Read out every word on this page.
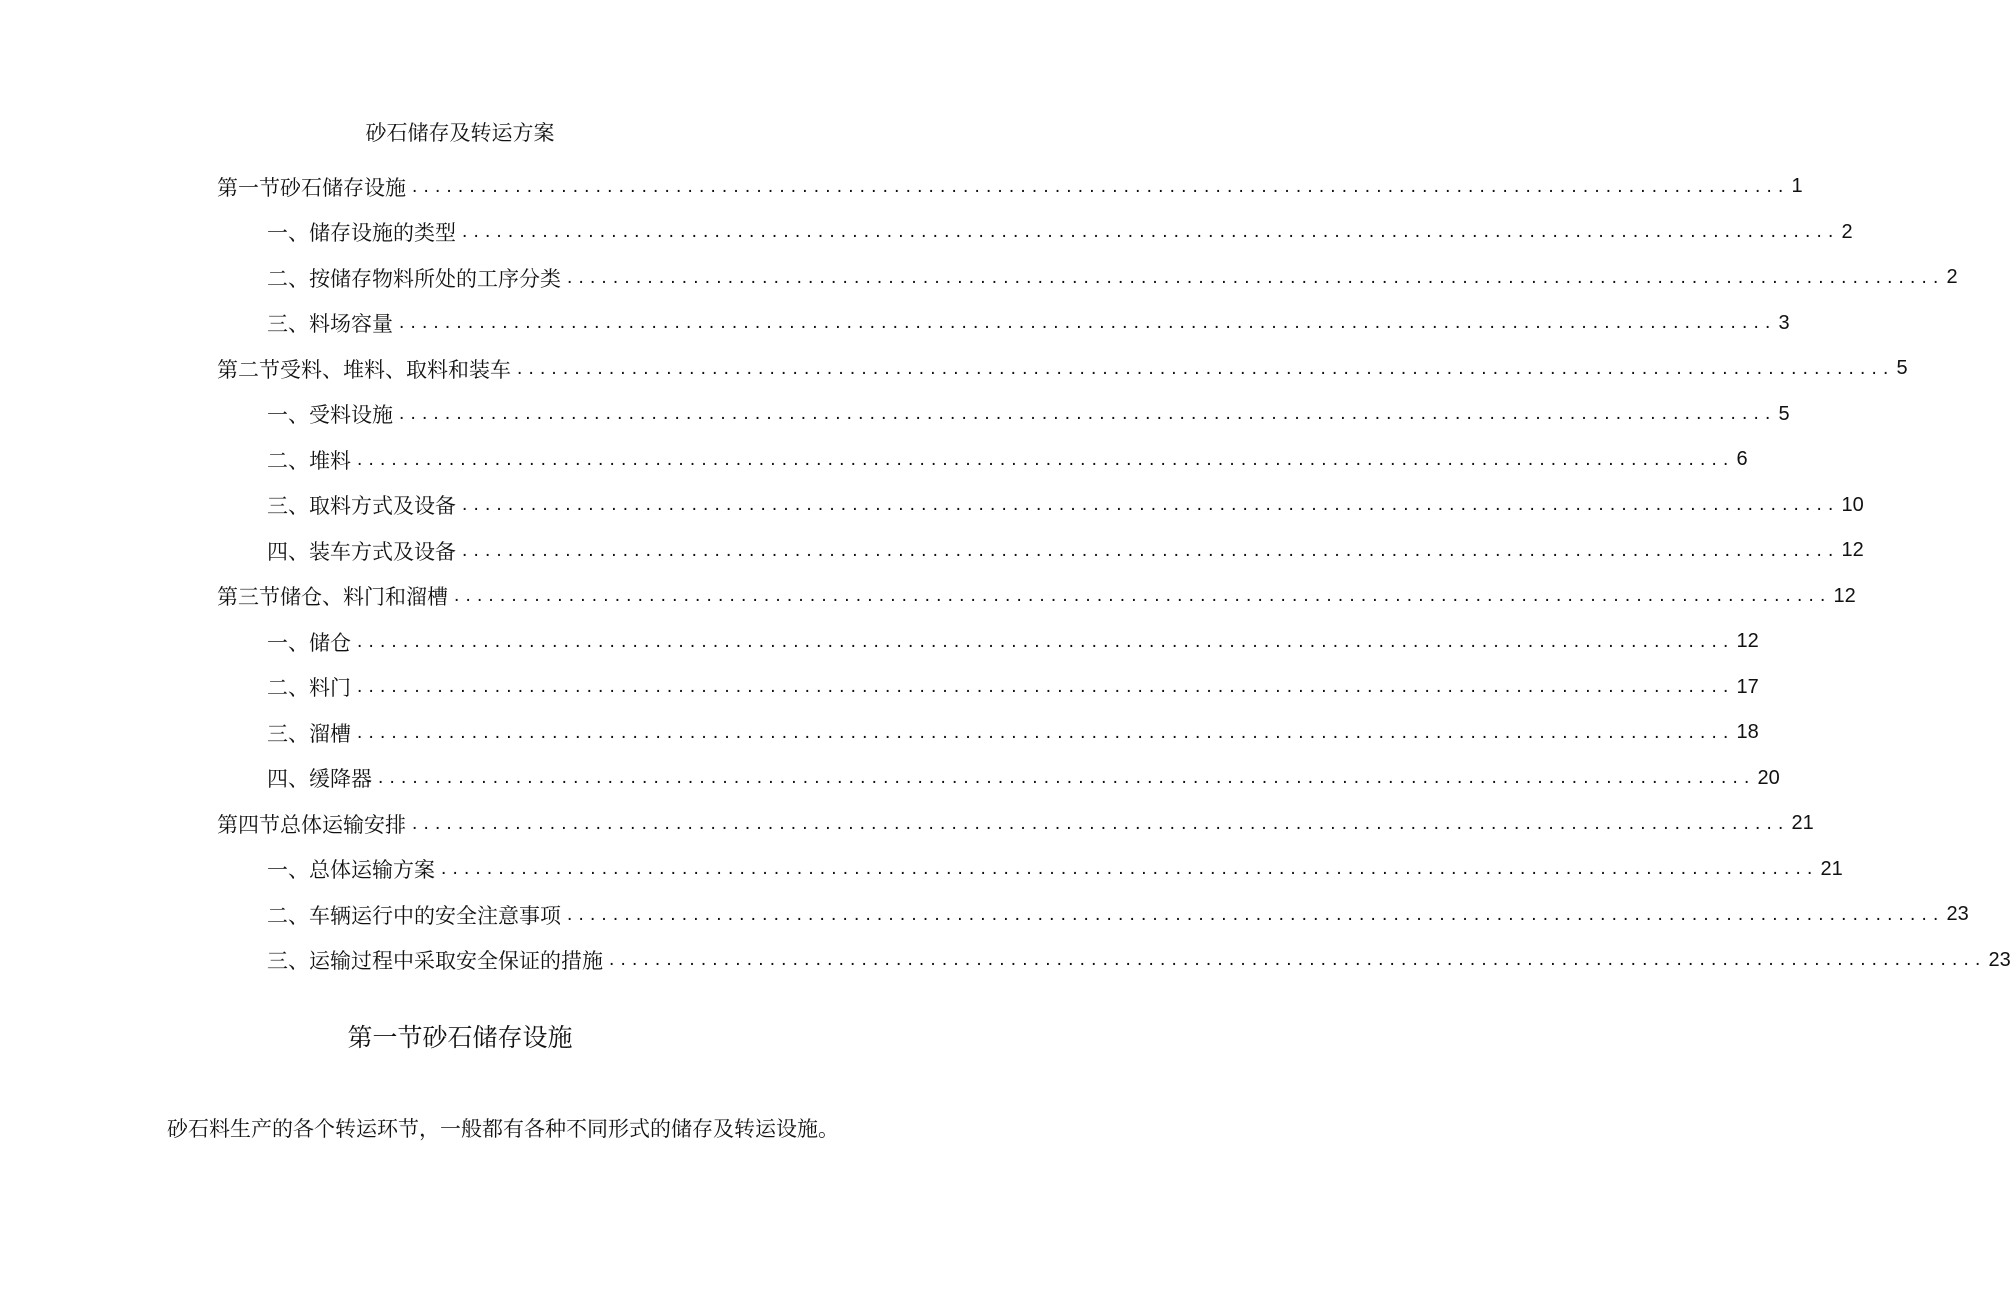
砂石储存及转运方案
第一节砂石储存设施 ........................................................................................................................ 1
一、储存设施的类型 ........................................................................................................................ 2
二、按储存物料所处的工序分类 ........................................................................................................................ 2
三、料场容量 ........................................................................................................................ 3
第二节受料、堆料、取料和装车 ........................................................................................................................ 5
一、受料设施 ........................................................................................................................ 5
二、堆料 ........................................................................................................................ 6
三、取料方式及设备 ........................................................................................................................ 10
四、装车方式及设备 ........................................................................................................................ 12
第三节储仓、料门和溜槽 ........................................................................................................................ 12
一、储仓 ........................................................................................................................ 12
二、料门 ........................................................................................................................ 17
三、溜槽 ........................................................................................................................ 18
四、缓降器 ........................................................................................................................ 20
第四节总体运输安排 ........................................................................................................................ 21
一、总体运输方案 ........................................................................................................................ 21
二、车辆运行中的安全注意事项 ........................................................................................................................ 23
三、运输过程中采取安全保证的措施 ........................................................................................................................ 23
第一节砂石储存设施
砂石料生产的各个转运环节，一般都有各种不同形式的储存及转运设施。
